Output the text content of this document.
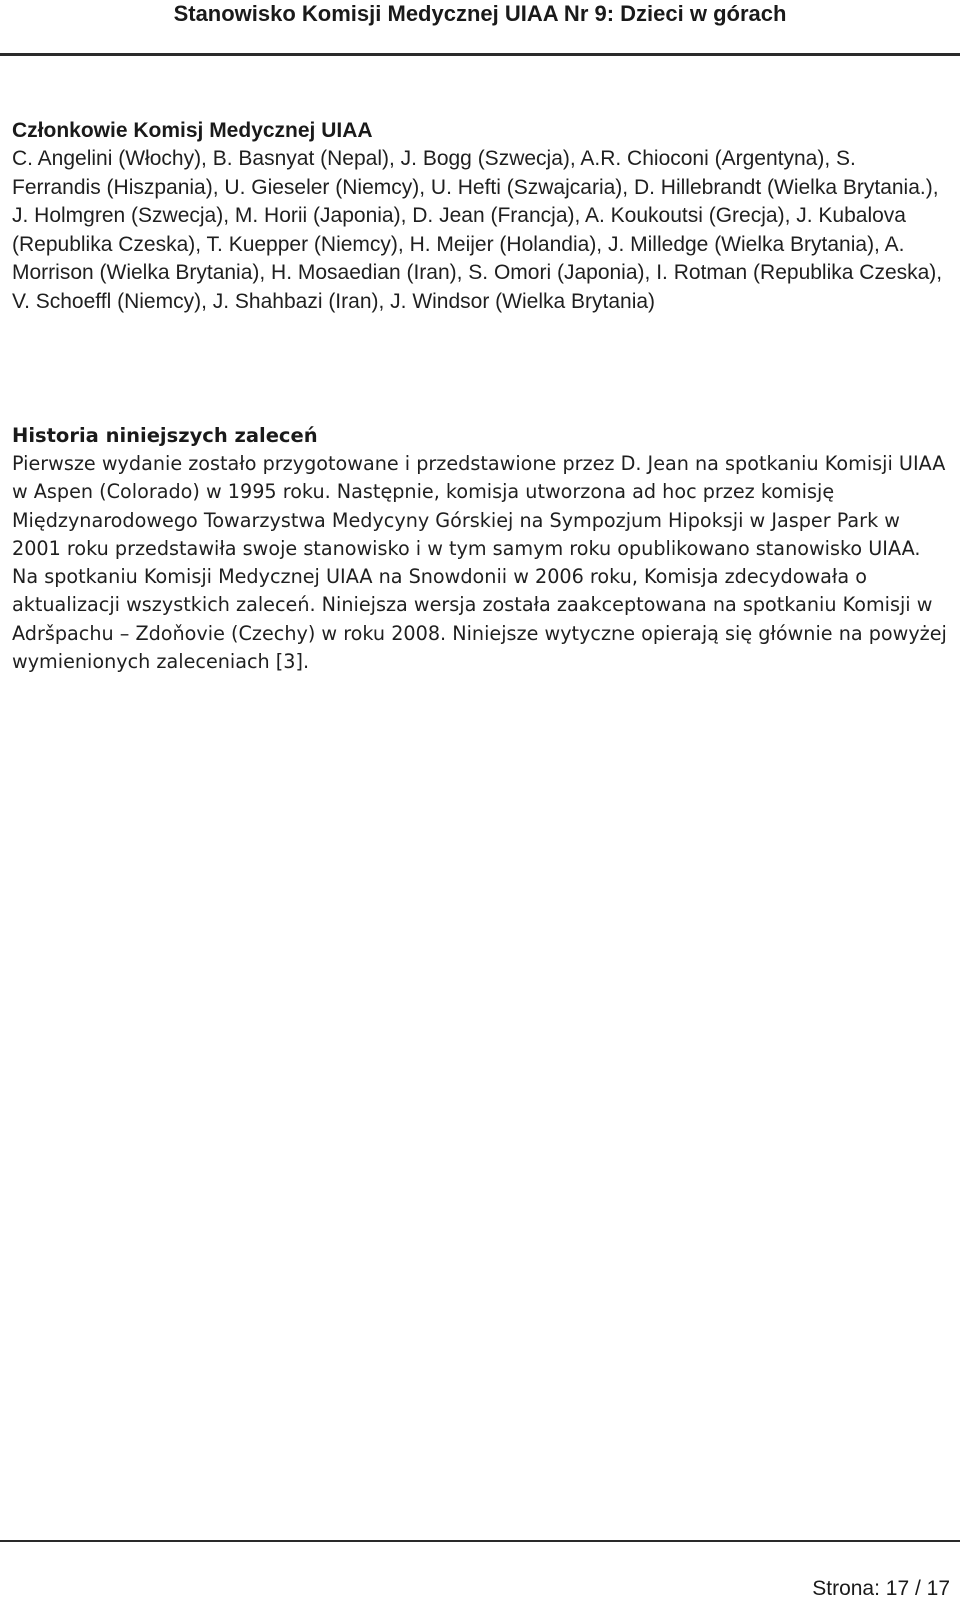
Stanowisko Komisji Medycznej UIAA Nr 9: Dzieci w górach

Członkowie Komisj Medycznej UIAA

C. Angelini (Włochy), B. Basnyat (Nepal), J. Bogg (Szwecja), A.R. Chioconi (Argentyna), S. Ferrandis (Hiszpania), U. Gieseler (Niemcy), U. Hefti (Szwajcaria), D. Hillebrandt (Wielka Brytania.), J. Holmgren (Szwecja), M. Horii (Japonia), D. Jean (Francja), A. Koukoutsi (Grecja), J. Kubalova (Republika Czeska), T. Kuepper (Niemcy), H. Meijer (Holandia), J. Milledge (Wielka Brytania), A. Morrison (Wielka Brytania), H. Mosaedian (Iran), S. Omori (Japonia), I. Rotman (Republika Czeska), V. Schoeffl (Niemcy), J. Shahbazi (Iran), J. Windsor (Wielka Brytania)

Historia niniejszych zaleceń

Pierwsze wydanie zostało przygotowane i przedstawione przez D. Jean na spotkaniu Komisji UIAA w Aspen (Colorado) w 1995 roku. Następnie, komisja utworzona ad hoc przez komisję Międzynarodowego Towarzystwa Medycyny Górskiej na Sympozjum Hipoksji w Jasper Park w 2001 roku przedstawiła swoje stanowisko i w tym samym roku opublikowano stanowisko UIAA. Na spotkaniu Komisji Medycznej UIAA na Snowdonii w 2006 roku, Komisja zdecydowała o aktualizacji wszystkich zaleceń. Niniejsza wersja została zaakceptowana na spotkaniu Komisji w Adršpachu – Zdoňovie (Czechy) w roku 2008. Niniejsze wytyczne opierają się głównie na powyżej wymienionych zaleceniach [3].

Strona: 17 / 17
